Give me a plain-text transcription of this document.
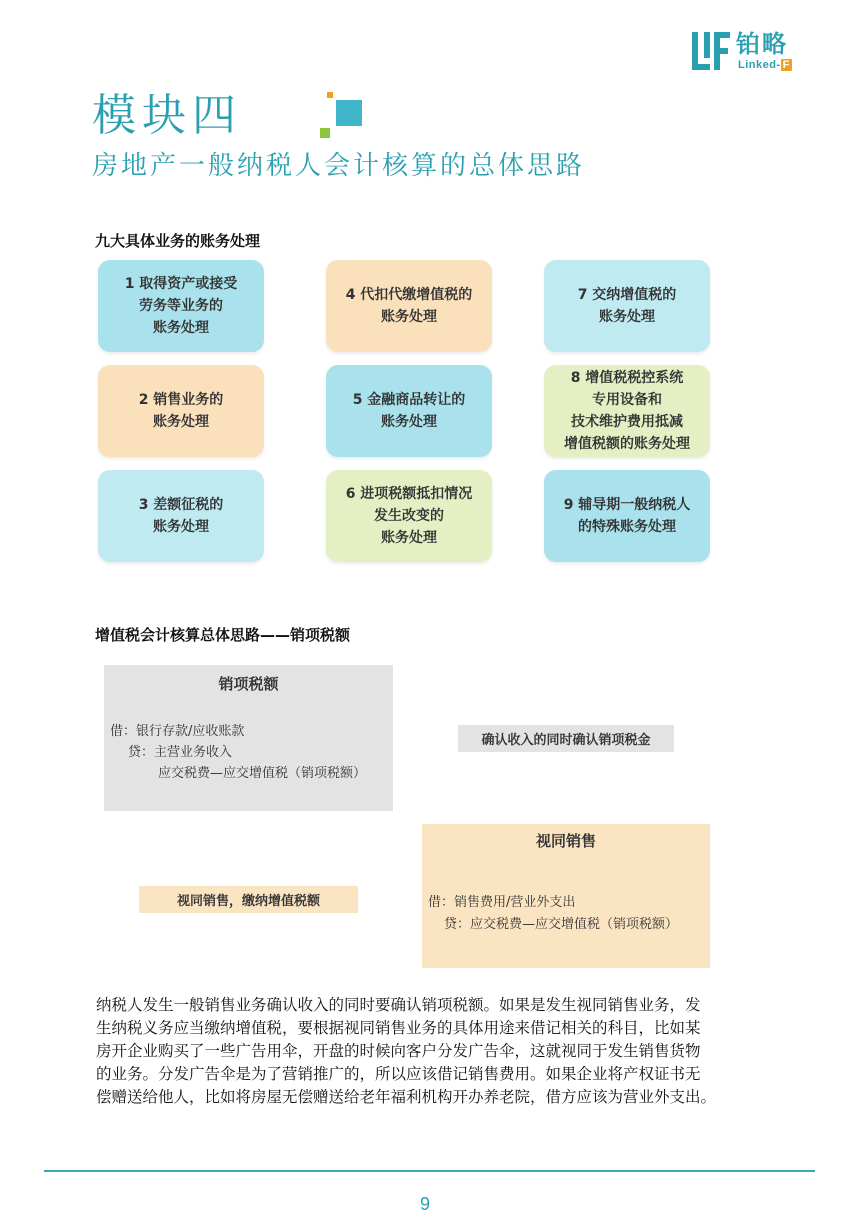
铂略
Linked- F
模块四
房地产一般纳税人会计核算的总体思路
九大具体业务的账务处理
1 取得资产或接受
劳务等业务的
账务处理
4 代扣代缴增值税的
账务处理
7 交纳增值税的
账务处理
2 销售业务的
账务处理
5 金融商品转让的
账务处理
8 增值税税控系统
专用设备和
技术维护费用抵减
增值税额的账务处理
3 差额征税的
账务处理
6 进项税额抵扣情况
发生改变的
账务处理
9 辅导期一般纳税人
的特殊账务处理
增值税会计核算总体思路——销项税额
销项税额
借：银行存款/应收账款
贷：主营业务收入
应交税费—应交增值税（销项税额）
确认收入的同时确认销项税金
视同销售
借：销售费用/营业外支出
贷：应交税费—应交增值税（销项税额）
视同销售，缴纳增值税额
纳税人发生一般销售业务确认收入的同时要确认销项税额。如果是发生视同销售业务，发
生纳税义务应当缴纳增值税，要根据视同销售业务的具体用途来借记相关的科目，比如某
房开企业购买了一些广告用伞，开盘的时候向客户分发广告伞，这就视同于发生销售货物
的业务。分发广告伞是为了营销推广的，所以应该借记销售费用。如果企业将产权证书无
偿赠送给他人，比如将房屋无偿赠送给老年福利机构开办养老院，借方应该为营业外支出。
9
